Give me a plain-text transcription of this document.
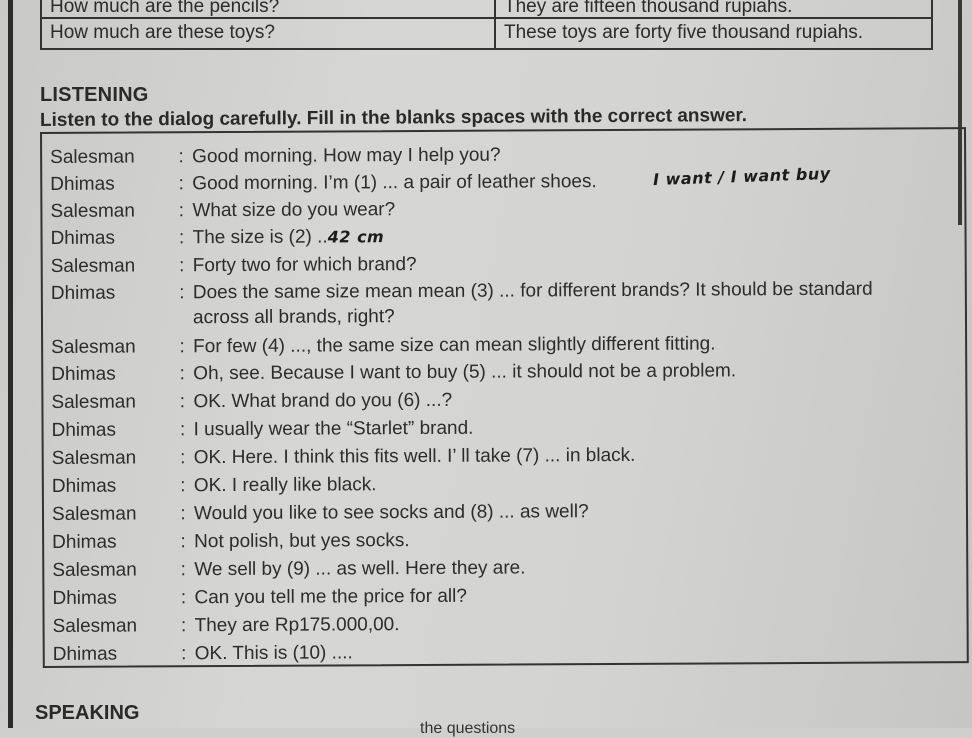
How much are the pencils?	They are fifteen thousand rupiahs.
How much are these toys?	These toys are forty five thousand rupiahs.
LISTENING
Listen to the dialog carefully. Fill in the blanks spaces with the correct answer.
Salesman : Good morning. How may I help you?
Dhimas	: Good morning. I’m (1) ... a pair of leather shoes.
Salesman : What size do you wear?
Dhimas	: The size is (2) ..42 cm
Salesman : Forty two for which brand?
Dhimas	: Does the same size mean mean (3) ... for different brands? It should be standard
across all brands, right?
Salesman : For few (4) ..., the same size can mean slightly different fitting.
Dhimas	: Oh, see. Because I want to buy (5) ... it should not be a problem.
Salesman : OK. What brand do you (6) ...?
Dhimas	: I usually wear the “Starlet” brand.
Salesman : OK. Here. I think this fits well. I’ ll take (7) ... in black.
Dhimas	: OK. I really like black.
Salesman : Would you like to see socks and (8) ... as well?
Dhimas	: Not polish, but yes socks.
Salesman : We sell by (9) ... as well. Here they are.
Dhimas	: Can you tell me the price for all?
Salesman : They are Rp175.000,00.
Dhimas	: OK. This is (10) ....
I want / I want buy
SPEAKING
the questions
